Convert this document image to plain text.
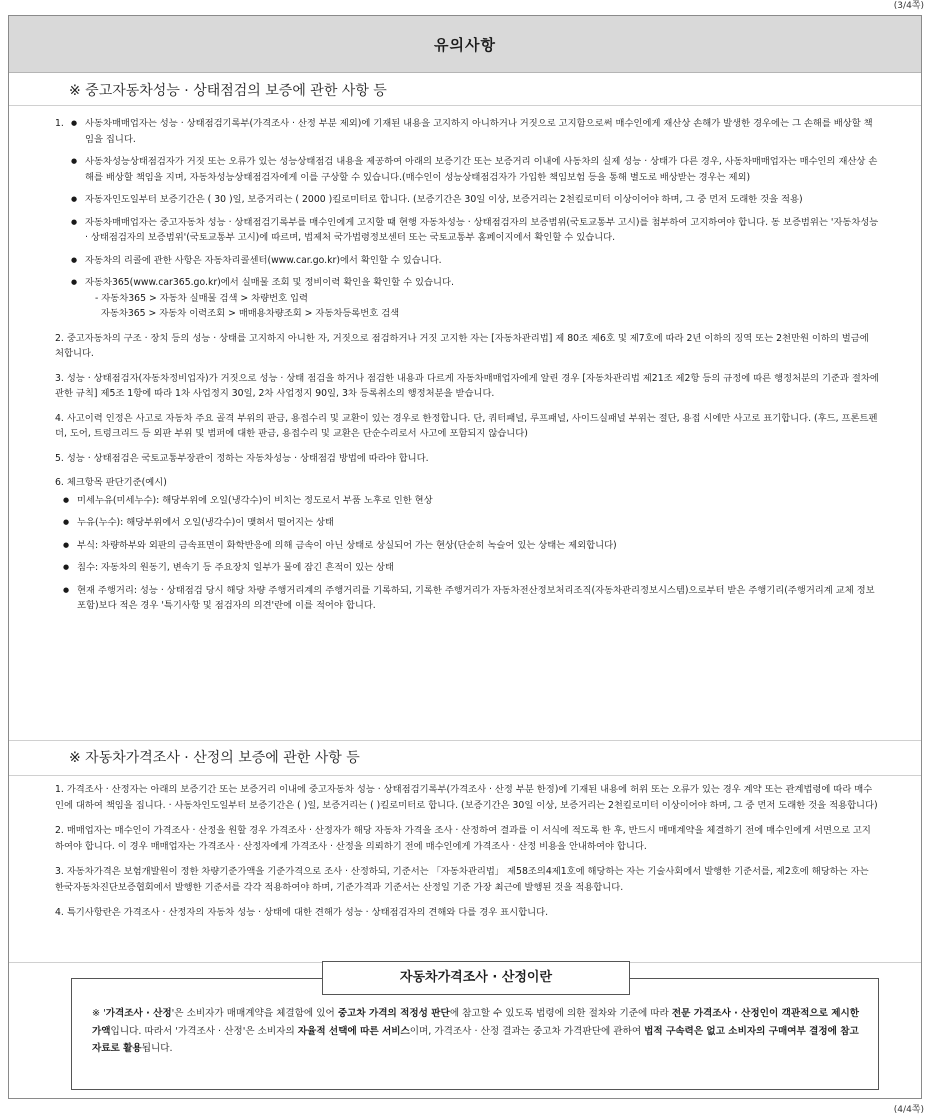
(3/4쪽)
유의사항
※ 중고자동차성능 · 상태점검의 보증에 관한 사항 등
1.
●	사동차매매업자는 성능 · 상태점검기록부(가격조사 · 산정 부분 제외)에 기재된 내용을 고지하지 아니하거나 거짓으로 고지함으로써 매수인에게 재산상 손해가 발생한 경우에는 그 손해를 배상할 책임을 집니다.
● 사동차성능상태점검자가 거짓 또는 오류가 있는 성능상태점검 내용을 제공하여 아래의 보증기간 또는 보증거리 이내에 사동차의 실제 성능 · 상태가 다른 경우, 사동차매매업자는 매수인의 재산상 손해를 배상할 책임을 지며, 자동차성능상태점검자에게 이를 구상할 수 있습니다.(매수인이 성능상태점검자가 가입한 책임보험 등을 통해 별도로 배상받는 경우는 제외)
● 자동자인도일부터 보증기간은 ( 30 )일, 보증거리는 ( 2000 )킬로미터로 합니다. (보증기간은 30일 이상, 보증거리는 2천킬로미터 이상이어야 하며, 그 중 먼저 도래한 것을 적용)
● 자동차매매업자는 중고자동차 성능 · 상태점검기록부를 매수인에게 고지할 때 현행 자동차성능 · 상태점검자의 보증범위(국토교통부 고시)를 첨부하여 고지하여야 합니다. 동 보증범위는 '자동차성능 · 상태점검자의 보증범위'(국토교통부 고시)에 따르며, 법제처 국가법령정보센터 또는 국토교통부 홈페이지에서 확인할 수 있습니다.
● 자동차의 리콜에 관한 사항은 자동차리콜센터(www.car.go.kr)에서 확인할 수 있습니다.
● 자동차365(www.car365.go.kr)에서 실매물 조회 및 정비이력 확인을 확인할 수 있습니다.
- 자동차365 > 자동차 실매물 검색 > 차량번호 입력
자동차365 > 자동차 이력조회 > 매매용차량조회 > 자동차등록번호 검색
2. 중고자동차의 구조 · 장치 등의 성능 · 상태를 고지하지 아니한 자, 거짓으로 점검하거나 거짓 고지한 자는 [자동차관리법] 제 80조 제6호 및 제7호에 따라 2년 이하의 징역 또는 2천만원 이하의 벌금에 처합니다.
3. 성능 · 상태점검자(자동차정비업자)가 거짓으로 성능 · 상태 점검을 하거나 점검한 내용과 다르게 자동차매매업자에게 알린 경우 [자동차관리법 제21조 제2항 등의 규정에 따른 행정처분의 기준과 절차에 관한 규칙] 제5조 1항에 따라 1차 사업정지 30일, 2차 사업정지 90일, 3차 등록취소의 행정처분을 받습니다.
4. 사고이력 인정은 사고로 자동차 주요 골격 부위의 판금, 용접수리 및 교환이 있는 경우로 한정합니다. 단, 쿼터패널, 루프패널, 사이드실패널 부위는 절단, 용접 시에만 사고로 표기합니다. (후드, 프론트펜더, 도어, 트렁크리드 등 외판 부위 및 범퍼에 대한 판금, 용접수리 및 교환은 단순수리로서 사고에 포함되지 않습니다)
5. 성능 · 상태점검은 국토교통부장관이 정하는 자동차성능 · 상태점검 방법에 따라야 합니다.
6. 체크항목 판단기준(예시)
● 미세누유(미세누수): 해당부위에 오일(냉각수)이 비치는 정도로서 부품 노후로 인한 현상
● 누유(누수): 해당부위에서 오일(냉각수)이 맺혀서 떨어지는 상태
● 부식: 차량하부와 외판의 금속표면이 화학반응에 의해 금속이 아닌 상태로 상실되어 가는 현상(단순히 녹슬어 있는 상태는 제외합니다)
● 침수: 자동차의 원동기, 변속기 등 주요장치 일부가 물에 잠긴 흔적이 있는 상태
● 현재 주행거리: 성능 · 상태점검 당시 해당 차량 주행거리계의 주행거리를 기록하되, 기록한 주행거리가 자동차전산정보처리조직(자동차관리정보시스템)으로부터 받은 주행기리(주행거리계 교체 정보 포함)보다 적은 경우 '특기사항 및 점검자의 의견'란에 이를 적어야 합니다.
※ 자동차가격조사 · 산정의 보증에 관한 사항 등
1. 가격조사 · 산정자는 아래의 보증기간 또는 보증거리 이내에 중고자동차 성능 · 상태점검기록부(가격조사 · 산정 부분 한정)에 기재된 내용에 허위 또는 오류가 있는 경우 계약 또는 관계법령에 따라 매수인에 대하여 책임을 집니다. · 사동차인도일부터 보증기간은 ( )일, 보증거리는 ( )킬로미터로 합니다. (보증기간은 30일 이상, 보증거리는 2천킬로미터 이상이어야 하며, 그 중 먼저 도래한 것을 적용합니다)
2. 매매업자는 매수인이 가격조사 · 산정을 원할 경우 가격조사 · 산정자가 해당 자동차 가격을 조사 · 산정하여 결과를 이 서식에 적도록 한 후, 반드시 매매계약을 체결하기 전에 매수인에게 서면으로 고지하여야 합니다. 이 경우 매매업자는 가격조사 · 산정자에게 가격조사 · 산정을 의뢰하기 전에 매수인에게 가격조사 · 산정 비용을 안내하여야 합니다.
3. 자동차가격은 보험개발원이 정한 차량기준가액을 기준가격으로 조사 · 산정하되, 기준서는 「자동차관리법」 제58조의4제1호에 해당하는 자는 기술사회에서 발행한 기준서를, 제2호에 해당하는 자는 한국자동차진단보증협회에서 발행한 기준서를 각각 적용하여야 하며, 기준가격과 기준서는 산정일 기준 가장 최근에 발행된 것을 적용합니다.
4. 특기사항란은 가격조사 · 산정자의 자동차 성능 · 상태에 대한 견해가 성능 · 상태점검자의 견해와 다를 경우 표시합니다.
자동차가격조사 · 산정이란
※ '가격조사 · 산정'은 소비자가 매매계약을 체결함에 있어 중고차 가격의 적정성 판단에 참고할 수 있도록 법령에 의한 절차와 기준에 따라 전문 가격조사 · 산정인이 객관적으로 제시한 가액입니다. 따라서 '가격조사 · 산정'은 소비자의 자율적 선택에 따른 서비스이며, 가격조사 · 산정 결과는 중고차 가격판단에 관하여 법적 구속력은 없고 소비자의 구매여부 결정에 참고자료로 활용됩니다.
(4/4쪽)
